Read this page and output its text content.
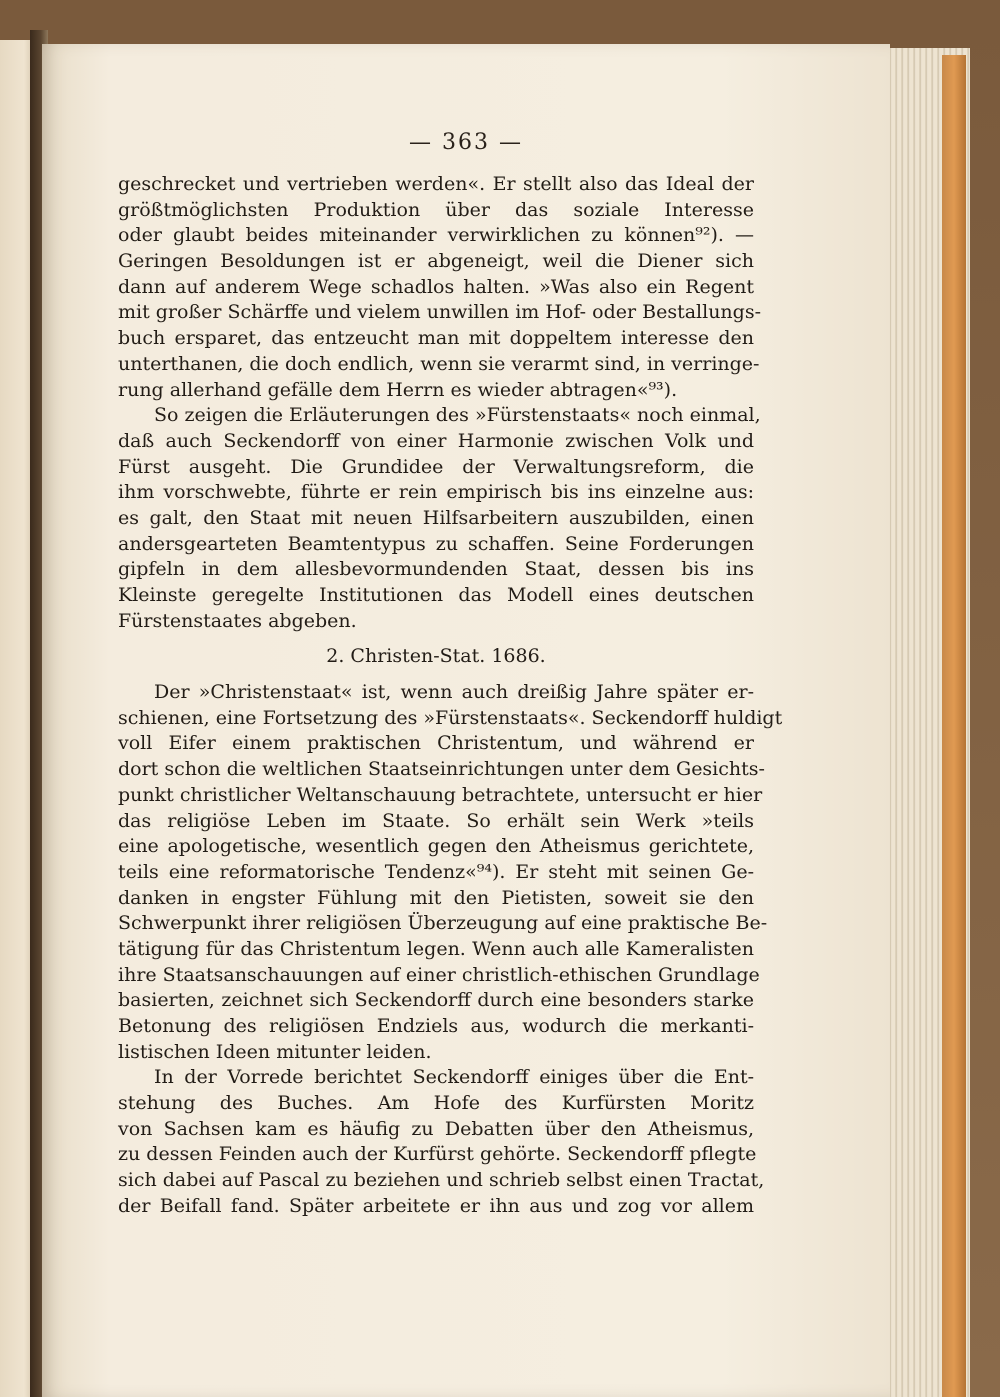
— 363 —
geschrecket und vertrieben werden«. Er stellt also das Ideal der
größtmöglichsten Produktion über das soziale Interesse
oder glaubt beides miteinander verwirklichen zu können⁹²). —
Geringen Besoldungen ist er abgeneigt, weil die Diener sich
dann auf anderem Wege schadlos halten. »Was also ein Regent
mit großer Schärffe und vielem unwillen im Hof- oder Bestallungs-
buch ersparet, das entzeucht man mit doppeltem interesse den
unterthanen, die doch endlich, wenn sie verarmt sind, in verringe-
rung allerhand gefälle dem Herrn es wieder abtragen«⁹³).
So zeigen die Erläuterungen des »Fürstenstaats« noch einmal,
daß auch Seckendorff von einer Harmonie zwischen Volk und
Fürst ausgeht. Die Grundidee der Verwaltungsreform, die
ihm vorschwebte, führte er rein empirisch bis ins einzelne aus:
es galt, den Staat mit neuen Hilfsarbeitern auszubilden, einen
andersgearteten Beamtentypus zu schaffen. Seine Forderungen
gipfeln in dem allesbevormundenden Staat, dessen bis ins
Kleinste geregelte Institutionen das Modell eines deutschen
Fürstenstaates abgeben.
2. Christen-Stat. 1686.
Der »Christenstaat« ist, wenn auch dreißig Jahre später er-
schienen, eine Fortsetzung des »Fürstenstaats«. Seckendorff huldigt
voll Eifer einem praktischen Christentum, und während er
dort schon die weltlichen Staatseinrichtungen unter dem Gesichts-
punkt christlicher Weltanschauung betrachtete, untersucht er hier
das religiöse Leben im Staate. So erhält sein Werk »teils
eine apologetische, wesentlich gegen den Atheismus gerichtete,
teils eine reformatorische Tendenz«⁹⁴). Er steht mit seinen Ge-
danken in engster Fühlung mit den Pietisten, soweit sie den
Schwerpunkt ihrer religiösen Überzeugung auf eine praktische Be-
tätigung für das Christentum legen. Wenn auch alle Kameralisten
ihre Staatsanschauungen auf einer christlich-ethischen Grundlage
basierten, zeichnet sich Seckendorff durch eine besonders starke
Betonung des religiösen Endziels aus, wodurch die merkanti-
listischen Ideen mitunter leiden.
In der Vorrede berichtet Seckendorff einiges über die Ent-
stehung des Buches. Am Hofe des Kurfürsten Moritz
von Sachsen kam es häufig zu Debatten über den Atheismus,
zu dessen Feinden auch der Kurfürst gehörte. Seckendorff pflegte
sich dabei auf Pascal zu beziehen und schrieb selbst einen Tractat,
der Beifall fand. Später arbeitete er ihn aus und zog vor allem
